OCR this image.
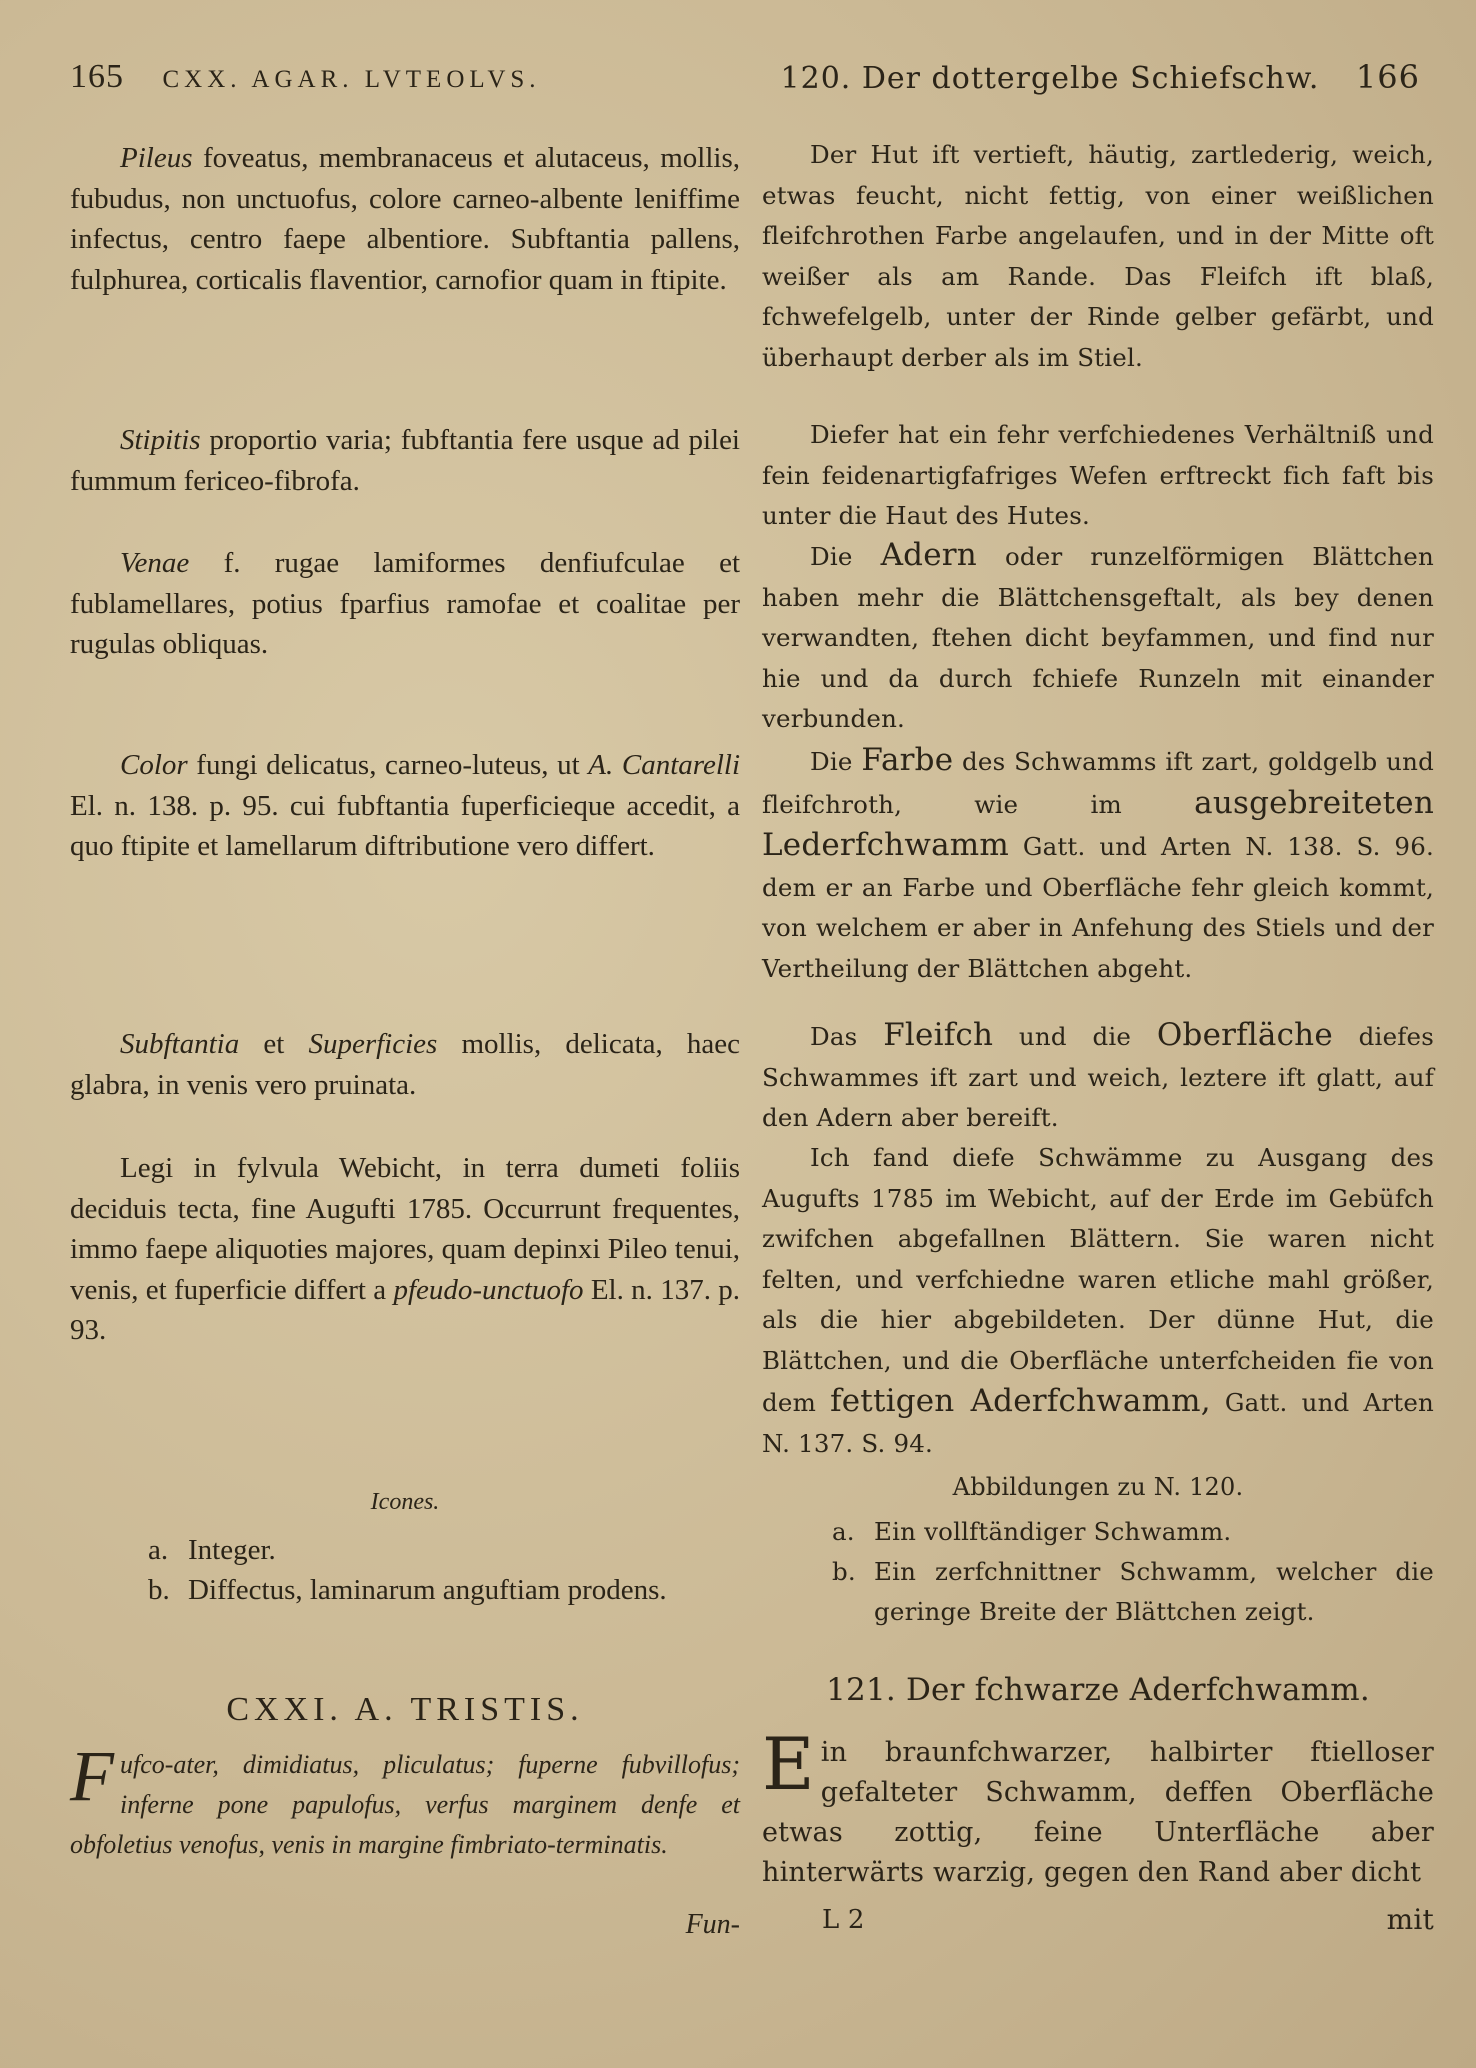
165 CXX. AGAR. LVTEOLVS.	120. Der dottergelbe Schiefschw. 166

Pileus foveatus, membranaceus et alutaceus, mollis, fubudus, non unctuofus, colore carneo-albente leniffime infectus, centro faepe albentiore. Subftantia pallens, fulphurea, corticalis flaventior, carnofior quam in ftipite.

Stipitis proportio varia; fubftantia fere usque ad pilei fummum fericeo-fibrofa.

Venae f. rugae lamiformes denfiufculae et fublamellares, potius fparfius ramofae et coalitae per rugulas obliquas.

Color fungi delicatus, carneo-luteus, ut A. Cantarelli El. n. 138. p. 95. cui fubftantia fuperficieque accedit, a quo ftipite et lamellarum diftributione vero differt.

Subftantia et Superficies mollis, delicata, haec glabra, in venis vero pruinata.

Legi in fylvula Webicht, in terra dumeti foliis deciduis tecta, fine Augufti 1785. Occurrunt frequentes, immo faepe aliquoties majores, quam depinxi Pileo tenui, venis, et fuperficie differt a pfeudo-unctuofo El. n. 137. p. 93.

Icones.
a. Integer.
b. Diffectus, laminarum anguftiam prodens.
CXXI. A. TRISTIS.
Fufco-ater, dimidiatus, pliculatus; fuperne fubvillofus; inferne pone papulofus, verfus marginem denfe et obfoletius venofus, venis in margine fimbriato-terminatis.
Fun-

Der Hut ift vertieft, häutig, zartlederig, weich, etwas feucht, nicht fettig, von einer weißlichen fleifchrothen Farbe angelaufen, und in der Mitte oft weißer als am Rande. Das Fleifch ift blaß, fchwefelgelb, unter der Rinde gelber gefärbt, und überhaupt derber als im Stiel.

Diefer hat ein fehr verfchiedenes Verhältniß und fein feidenartigfafriges Wefen erftreckt fich faft bis unter die Haut des Hutes.

Die Adern oder runzelförmigen Blättchen haben mehr die Blättchensgeftalt, als bey denen verwandten, ftehen dicht beyfammen, und find nur hie und da durch fchiefe Runzeln mit einander verbunden.

Die Farbe des Schwamms ift zart, goldgelb und fleifchroth, wie im ausgebreiteten Lederfchwamm Gatt. und Arten N. 138. S. 96. dem er an Farbe und Oberfläche fehr gleich kommt, von welchem er aber in Anfehung des Stiels und der Vertheilung der Blättchen abgeht.

Das Fleifch und die Oberfläche diefes Schwammes ift zart und weich, leztere ift glatt, auf den Adern aber bereift.

Ich fand diefe Schwämme zu Ausgang des Augufts 1785 im Webicht, auf der Erde im Gebüfch zwifchen abgefallnen Blättern. Sie waren nicht felten, und verfchiedne waren etliche mahl größer, als die hier abgebildeten. Der dünne Hut, die Blättchen, und die Oberfläche unterfcheiden fie von dem fettigen Aderfchwamm, Gatt. und Arten N. 137. S. 94.

Abbildungen zu N. 120.
a. Ein vollftändiger Schwamm.
b. Ein zerfchnittner Schwamm, welcher die geringe Breite der Blättchen zeigt.
121. Der fchwarze Aderfchwamm.
Ein braunfchwarzer, halbirter ftielloser gefalteter Schwamm, deffen Oberfläche etwas zottig, feine Unterfläche aber hinterwärts warzig, gegen den Rand aber dicht
L 2	mit
